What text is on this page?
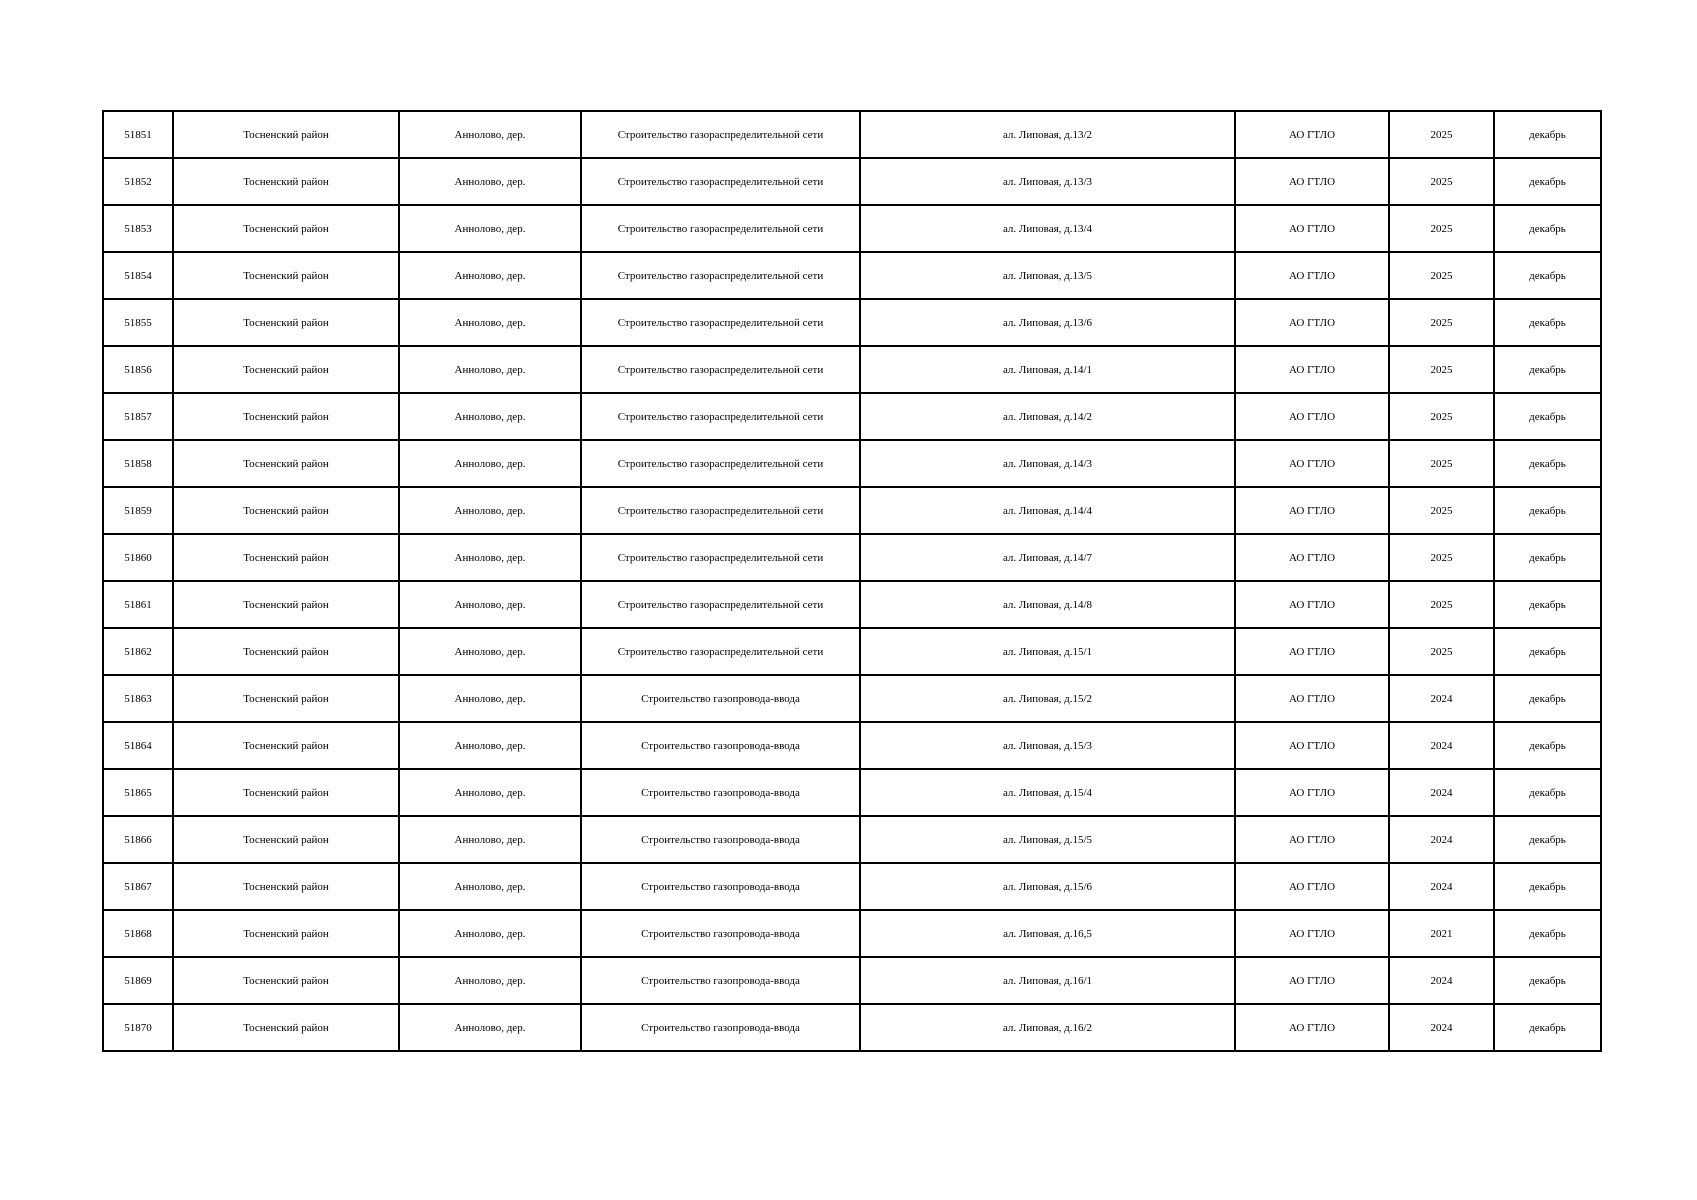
51851	Тосненский район	Аннолово, дер.	Строительство газораспределительной сети	ал. Липовая, д.13/2	АО ГТЛО	2025	декабрь
51852	Тосненский район	Аннолово, дер.	Строительство газораспределительной сети	ал. Липовая, д.13/3	АО ГТЛО	2025	декабрь
51853	Тосненский район	Аннолово, дер.	Строительство газораспределительной сети	ал. Липовая, д.13/4	АО ГТЛО	2025	декабрь
51854	Тосненский район	Аннолово, дер.	Строительство газораспределительной сети	ал. Липовая, д.13/5	АО ГТЛО	2025	декабрь
51855	Тосненский район	Аннолово, дер.	Строительство газораспределительной сети	ал. Липовая, д.13/6	АО ГТЛО	2025	декабрь
51856	Тосненский район	Аннолово, дер.	Строительство газораспределительной сети	ал. Липовая, д.14/1	АО ГТЛО	2025	декабрь
51857	Тосненский район	Аннолово, дер.	Строительство газораспределительной сети	ал. Липовая, д.14/2	АО ГТЛО	2025	декабрь
51858	Тосненский район	Аннолово, дер.	Строительство газораспределительной сети	ал. Липовая, д.14/3	АО ГТЛО	2025	декабрь
51859	Тосненский район	Аннолово, дер.	Строительство газораспределительной сети	ал. Липовая, д.14/4	АО ГТЛО	2025	декабрь
51860	Тосненский район	Аннолово, дер.	Строительство газораспределительной сети	ал. Липовая, д.14/7	АО ГТЛО	2025	декабрь
51861	Тосненский район	Аннолово, дер.	Строительство газораспределительной сети	ал. Липовая, д.14/8	АО ГТЛО	2025	декабрь
51862	Тосненский район	Аннолово, дер.	Строительство газораспределительной сети	ал. Липовая, д.15/1	АО ГТЛО	2025	декабрь
51863	Тосненский район	Аннолово, дер.	Строительство газопровода-ввода	ал. Липовая, д.15/2	АО ГТЛО	2024	декабрь
51864	Тосненский район	Аннолово, дер.	Строительство газопровода-ввода	ал. Липовая, д.15/3	АО ГТЛО	2024	декабрь
51865	Тосненский район	Аннолово, дер.	Строительство газопровода-ввода	ал. Липовая, д.15/4	АО ГТЛО	2024	декабрь
51866	Тосненский район	Аннолово, дер.	Строительство газопровода-ввода	ал. Липовая, д.15/5	АО ГТЛО	2024	декабрь
51867	Тосненский район	Аннолово, дер.	Строительство газопровода-ввода	ал. Липовая, д.15/6	АО ГТЛО	2024	декабрь
51868	Тосненский район	Аннолово, дер.	Строительство газопровода-ввода	ал. Липовая, д.16,5	АО ГТЛО	2021	декабрь
51869	Тосненский район	Аннолово, дер.	Строительство газопровода-ввода	ал. Липовая, д.16/1	АО ГТЛО	2024	декабрь
51870	Тосненский район	Аннолово, дер.	Строительство газопровода-ввода	ал. Липовая, д.16/2	АО ГТЛО	2024	декабрь
